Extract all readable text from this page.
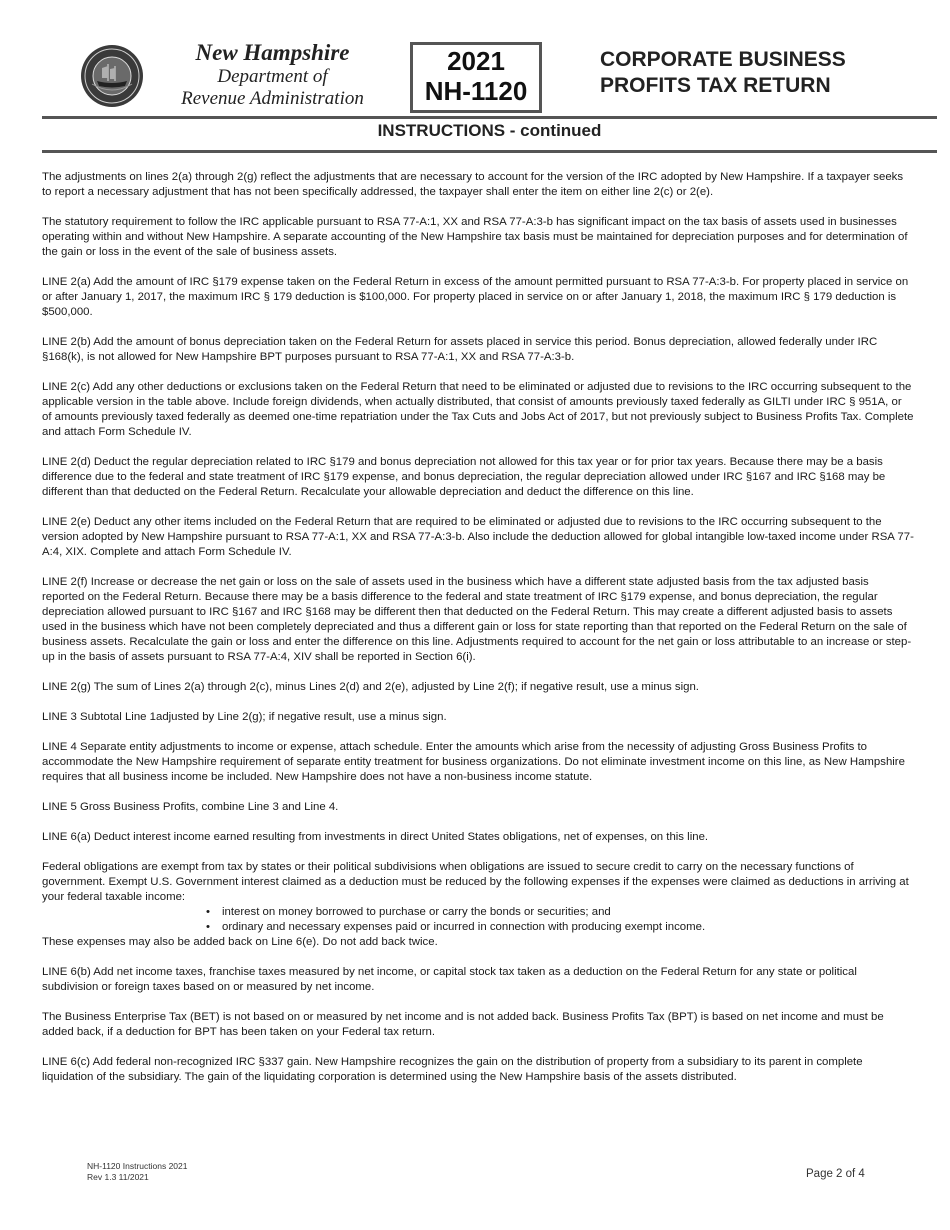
New Hampshire
Department of
Revenue Administration
2021
NH-1120
CORPORATE BUSINESS
PROFITS TAX RETURN
INSTRUCTIONS - continued

The adjustments on lines 2(a) through 2(g) reflect the adjustments that are necessary to account for the version of the IRC adopted by New Hampshire. If a taxpayer seeks to report a necessary adjustment that has not been specifically addressed, the taxpayer shall enter the item on either line 2(c) or 2(e).

The statutory requirement to follow the IRC applicable pursuant to RSA 77-A:1, XX and RSA 77-A:3-b has significant impact on the tax basis of assets used in businesses operating within and without New Hampshire. A separate accounting of the New Hampshire tax basis must be maintained for depreciation purposes and for determination of the gain or loss in the event of the sale of business assets.

LINE 2(a) Add the amount of IRC §179 expense taken on the Federal Return in excess of the amount permitted pursuant to RSA 77-A:3-b. For property placed in service on or after January 1, 2017, the maximum IRC § 179 deduction is $100,000. For property placed in service on or after January 1, 2018, the maximum IRC § 179 deduction is $500,000.

LINE 2(b) Add the amount of bonus depreciation taken on the Federal Return for assets placed in service this period. Bonus depreciation, allowed federally under IRC §168(k), is not allowed for New Hampshire BPT purposes pursuant to RSA 77-A:1, XX and RSA 77-A:3-b.

LINE 2(c) Add any other deductions or exclusions taken on the Federal Return that need to be eliminated or adjusted due to revisions to the IRC occurring subsequent to the applicable version in the table above. Include foreign dividends, when actually distributed, that consist of amounts previously taxed federally as GILTI under IRC § 951A, or of amounts previously taxed federally as deemed one-time repatriation under the Tax Cuts and Jobs Act of 2017, but not previously subject to Business Profits Tax. Complete and attach Form Schedule IV.

LINE 2(d) Deduct the regular depreciation related to IRC §179 and bonus depreciation not allowed for this tax year or for prior tax years. Because there may be a basis difference due to the federal and state treatment of IRC §179 expense, and bonus depreciation, the regular depreciation allowed under IRC §167 and IRC §168 may be different than that deducted on the Federal Return. Recalculate your allowable depreciation and deduct the difference on this line.

LINE 2(e) Deduct any other items included on the Federal Return that are required to be eliminated or adjusted due to revisions to the IRC occurring subsequent to the version adopted by New Hampshire pursuant to RSA 77-A:1, XX and RSA 77-A:3-b. Also include the deduction allowed for global intangible low-taxed income under RSA 77-A:4, XIX. Complete and attach Form Schedule IV.

LINE 2(f) Increase or decrease the net gain or loss on the sale of assets used in the business which have a different state adjusted basis from the tax adjusted basis reported on the Federal Return. Because there may be a basis difference to the federal and state treatment of IRC §179 expense, and bonus depreciation, the regular depreciation allowed pursuant to IRC §167 and IRC §168 may be different then that deducted on the Federal Return. This may create a different adjusted basis to assets used in the business which have not been completely depreciated and thus a different gain or loss for state reporting than that reported on the Federal Return on the sale of business assets. Recalculate the gain or loss and enter the difference on this line. Adjustments required to account for the net gain or loss attributable to an increase or step-up in the basis of assets pursuant to RSA 77-A:4, XIV shall be reported in Section 6(i).

LINE 2(g) The sum of Lines 2(a) through 2(c), minus Lines 2(d) and 2(e), adjusted by Line 2(f); if negative result, use a minus sign.

LINE 3 Subtotal Line 1adjusted by Line 2(g); if negative result, use a minus sign.

LINE 4 Separate entity adjustments to income or expense, attach schedule. Enter the amounts which arise from the necessity of adjusting Gross Business Profits to accommodate the New Hampshire requirement of separate entity treatment for business organizations. Do not eliminate investment income on this line, as New Hampshire requires that all business income be included. New Hampshire does not have a non-business income statute.

LINE 5 Gross Business Profits, combine Line 3 and Line 4.

LINE 6(a) Deduct interest income earned resulting from investments in direct United States obligations, net of expenses, on this line.

Federal obligations are exempt from tax by states or their political subdivisions when obligations are issued to secure credit to carry on the necessary functions of government. Exempt U.S. Government interest claimed as a deduction must be reduced by the following expenses if the expenses were claimed as deductions in arriving at your federal taxable income:

• interest on money borrowed to purchase or carry the bonds or securities; and
• ordinary and necessary expenses paid or incurred in connection with producing exempt income.

These expenses may also be added back on Line 6(e). Do not add back twice.

LINE 6(b) Add net income taxes, franchise taxes measured by net income, or capital stock tax taken as a deduction on the Federal Return for any state or political subdivision or foreign taxes based on or measured by net income.

The Business Enterprise Tax (BET) is not based on or measured by net income and is not added back. Business Profits Tax (BPT) is based on net income and must be added back, if a deduction for BPT has been taken on your Federal tax return.

LINE 6(c) Add federal non-recognized IRC §337 gain. New Hampshire recognizes the gain on the distribution of property from a subsidiary to its parent in complete liquidation of the subsidiary. The gain of the liquidating corporation is determined using the New Hampshire basis of the assets distributed.

NH-1120 Instructions 2021
Rev 1.3 11/2021	Page 2 of 4
